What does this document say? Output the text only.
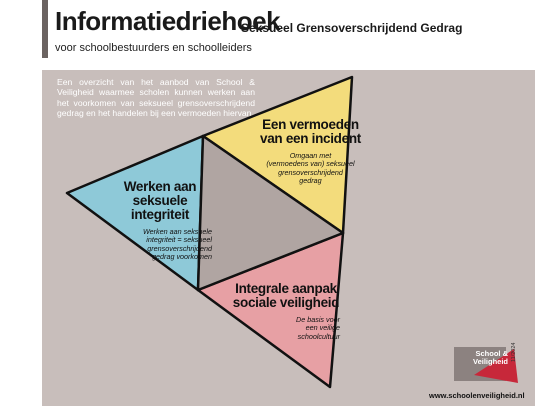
Informatiedriehoek
Seksueel Grensoverschrijdend Gedrag
voor schoolbestuurders en schoolleiders
Een overzicht van het aanbod van School & Veiligheid waarmee scholen kunnen werken aan het voorkomen van seksueel grensoverschrijdend gedrag en het handelen bij een vermoeden hiervan.
Een vermoeden
van een incident

Omgaan met
(vermoedens van) seksueel
grensoverschrijdend
gedrag

Werken aan
seksuele integriteit

Werken aan seksuele
integriteit = seksueel
grensoverschrijdend
gedrag voorkomen

Integrale aanpak
sociale veiligheid

De basis voor
een veilige
schoolcultuur

School &
Veiligheid 11/2024
www.schoolenveiligheid.nl
